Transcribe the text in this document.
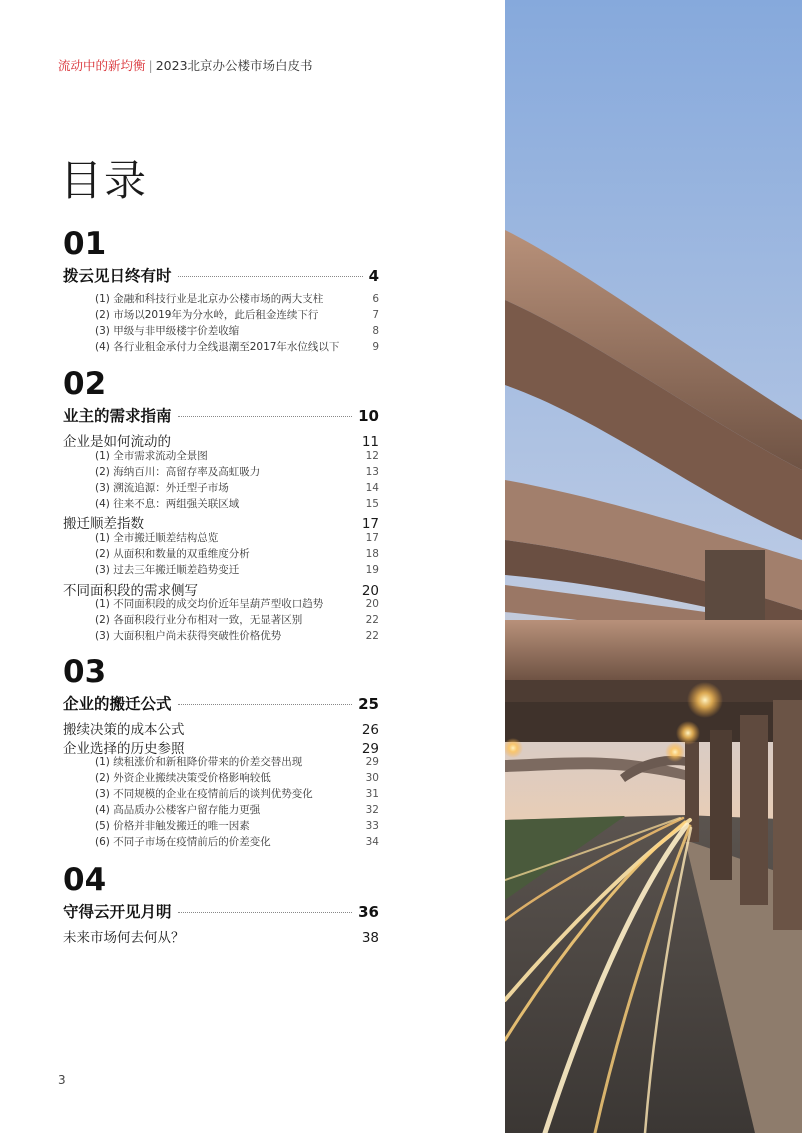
流动中的新均衡 | 2023北京办公楼市场白皮书
目录
01
拨云见日终有时	4
(1) 金融和科技行业是北京办公楼市场的两大支柱	6
(2) 市场以2019年为分水岭，此后租金连续下行	7
(3) 甲级与非甲级楼宇价差收缩	8
(4) 各行业租金承付力全线退潮至2017年水位线以下	9
02
业主的需求指南	10
企业是如何流动的	11
(1) 全市需求流动全景图	12
(2) 海纳百川：高留存率及高虹吸力	13
(3) 溯流追源：外迁型子市场	14
(4) 往来不息：两组强关联区域	15
搬迁顺差指数	17
(1) 全市搬迁顺差结构总览	17
(2) 从面积和数量的双重维度分析	18
(3) 过去三年搬迁顺差趋势变迁	19
不同面积段的需求侧写	20
(1) 不同面积段的成交均价近年呈葫芦型收口趋势	20
(2) 各面积段行业分布相对一致，无显著区别	22
(3) 大面积租户尚未获得突破性价格优势	22
03
企业的搬迁公式	25
搬续决策的成本公式	26
企业选择的历史参照	29
(1) 续租涨价和新租降价带来的价差交替出现	29
(2) 外资企业搬续决策受价格影响较低	30
(3) 不同规模的企业在疫情前后的谈判优势变化	31
(4) 高品质办公楼客户留存能力更强	32
(5) 价格并非触发搬迁的唯一因素	33
(6) 不同子市场在疫情前后的价差变化	34
04
守得云开见月明	36
未来市场何去何从？	38
3
